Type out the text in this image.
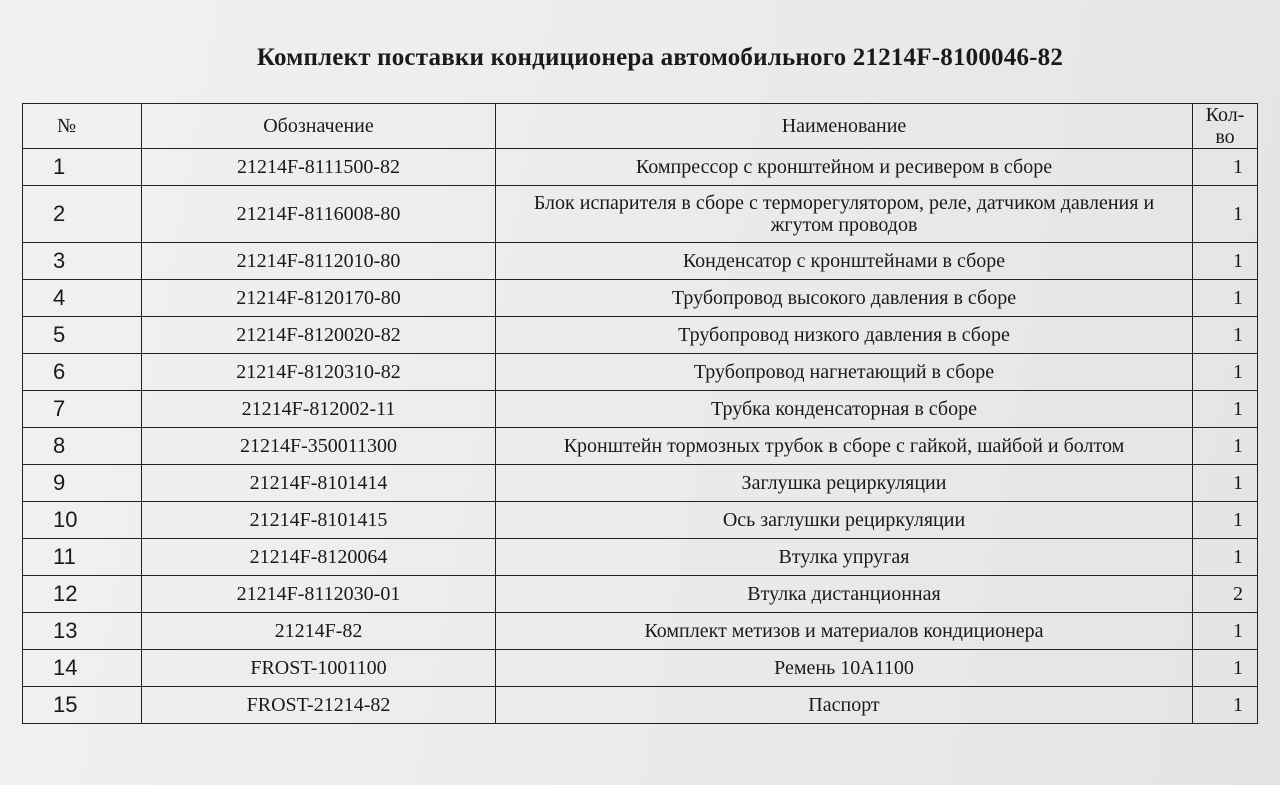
Комплект поставки кондиционера автомобильного 21214F-8100046-82
№	Обозначение	Наименование	Кол-во
1	21214F-8111500-82	Компрессор с кронштейном и ресивером в сборе	1
2	21214F-8116008-80	Блок испарителя в сборе с терморегулятором, реле, датчиком давления и жгутом проводов	1
3	21214F-8112010-80	Конденсатор с кронштейнами в сборе	1
4	21214F-8120170-80	Трубопровод высокого давления в сборе	1
5	21214F-8120020-82	Трубопровод низкого давления в сборе	1
6	21214F-8120310-82	Трубопровод нагнетающий в сборе	1
7	21214F-812002-11	Трубка конденсаторная в сборе	1
8	21214F-350011300	Кронштейн тормозных трубок в сборе с гайкой, шайбой и болтом	1
9	21214F-8101414	Заглушка рециркуляции	1
10	21214F-8101415	Ось заглушки рециркуляции	1
11	21214F-8120064	Втулка упругая	1
12	21214F-8112030-01	Втулка дистанционная	2
13	21214F-82	Комплект метизов и материалов кондиционера	1
14	FROST-1001100	Ремень 10А1100	1
15	FROST-21214-82	Паспорт	1
